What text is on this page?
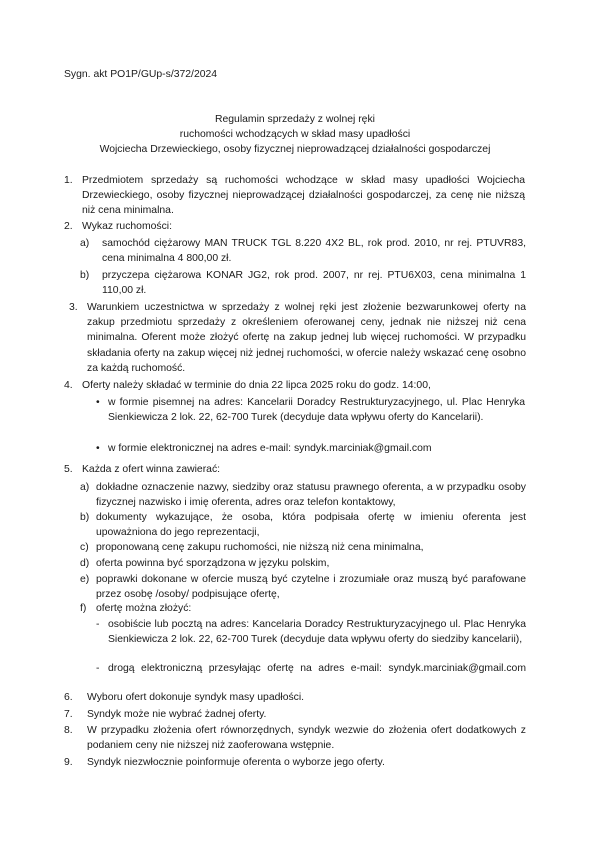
Sygn. akt PO1P/GUp-s/372/2024
Regulamin sprzedaży z wolnej ręki
ruchomości wchodzących w skład masy upadłości
Wojciecha Drzewieckiego, osoby fizycznej nieprowadzącej działalności gospodarczej
1. Przedmiotem sprzedaży są ruchomości wchodzące w skład masy upadłości Wojciecha Drzewieckiego, osoby fizycznej nieprowadzącej działalności gospodarczej, za cenę nie niższą niż cena minimalna.
2. Wykaz ruchomości:
a) samochód ciężarowy MAN TRUCK TGL 8.220 4X2 BL, rok prod. 2010, nr rej. PTUVR83, cena minimalna 4 800,00 zł.
b) przyczepa ciężarowa KONAR JG2, rok prod. 2007, nr rej. PTU6X03, cena minimalna 1 110,00 zł.
3. Warunkiem uczestnictwa w sprzedaży z wolnej ręki jest złożenie bezwarunkowej oferty na zakup przedmiotu sprzedaży z określeniem oferowanej ceny, jednak nie niższej niż cena minimalna. Oferent może złożyć ofertę na zakup jednej lub więcej ruchomości. W przypadku składania oferty na zakup więcej niż jednej ruchomości, w ofercie należy wskazać cenę osobno za każdą ruchomość.
4. Oferty należy składać w terminie do dnia 22 lipca 2025 roku do godz. 14:00,
• w formie pisemnej na adres: Kancelarii Doradcy Restrukturyzacyjnego, ul. Plac Henryka Sienkiewicza 2 lok. 22, 62-700 Turek (decyduje data wpływu oferty do Kancelarii).
• w formie elektronicznej na adres e-mail: syndyk.marciniak@gmail.com
5. Każda z ofert winna zawierać:
a) dokładne oznaczenie nazwy, siedziby oraz statusu prawnego oferenta, a w przypadku osoby fizycznej nazwisko i imię oferenta, adres oraz telefon kontaktowy,
b) dokumenty wykazujące, że osoba, która podpisała ofertę w imieniu oferenta jest upoważniona do jego reprezentacji,
c) proponowaną cenę zakupu ruchomości, nie niższą niż cena minimalna,
d) oferta powinna być sporządzona w języku polskim,
e) poprawki dokonane w ofercie muszą być czytelne i zrozumiałe oraz muszą być parafowane przez osobę /osoby/ podpisujące ofertę,
f) ofertę można złożyć:
- osobiście lub pocztą na adres: Kancelaria Doradcy Restrukturyzacyjnego ul. Plac Henryka Sienkiewicza 2 lok. 22, 62-700 Turek (decyduje data wpływu oferty do siedziby kancelarii),
- drogą elektroniczną przesyłając ofertę na adres e-mail: syndyk.marciniak@gmail.com
6. Wyboru ofert dokonuje syndyk masy upadłości.
7. Syndyk może nie wybrać żadnej oferty.
8. W przypadku złożenia ofert równorzędnych, syndyk wezwie do złożenia ofert dodatkowych z podaniem ceny nie niższej niż zaoferowana wstępnie.
9. Syndyk niezwłocznie poinformuje oferenta o wyborze jego oferty.
